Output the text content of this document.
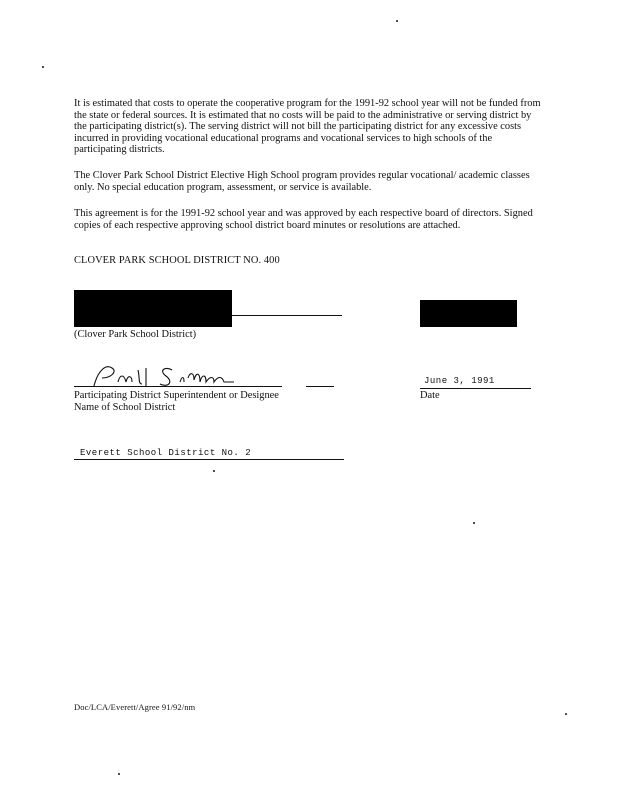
It is estimated that costs to operate the cooperative program for the 1991-92 school year will not be funded from the state or federal sources. It is estimated that no costs will be paid to the administrative or serving district by the participating district(s). The serving district will not bill the participating district for any excessive costs incurred in providing vocational educational programs and vocational services to high schools of the participating districts.

The Clover Park School District Elective High School program provides regular vocational/ academic classes only. No special education program, assessment, or service is available.

This agreement is for the 1991-92 school year and was approved by each respective board of directors. Signed copies of each respective approving school district board minutes or resolutions are attached.

CLOVER PARK SCHOOL DISTRICT NO. 400
(Clover Park School District)
June 3, 1991
Participating District Superintendent or Designee
Name of School District
Date
Everett School District No. 2
Doc/LCA/Everett/Agree 91/92/nm
